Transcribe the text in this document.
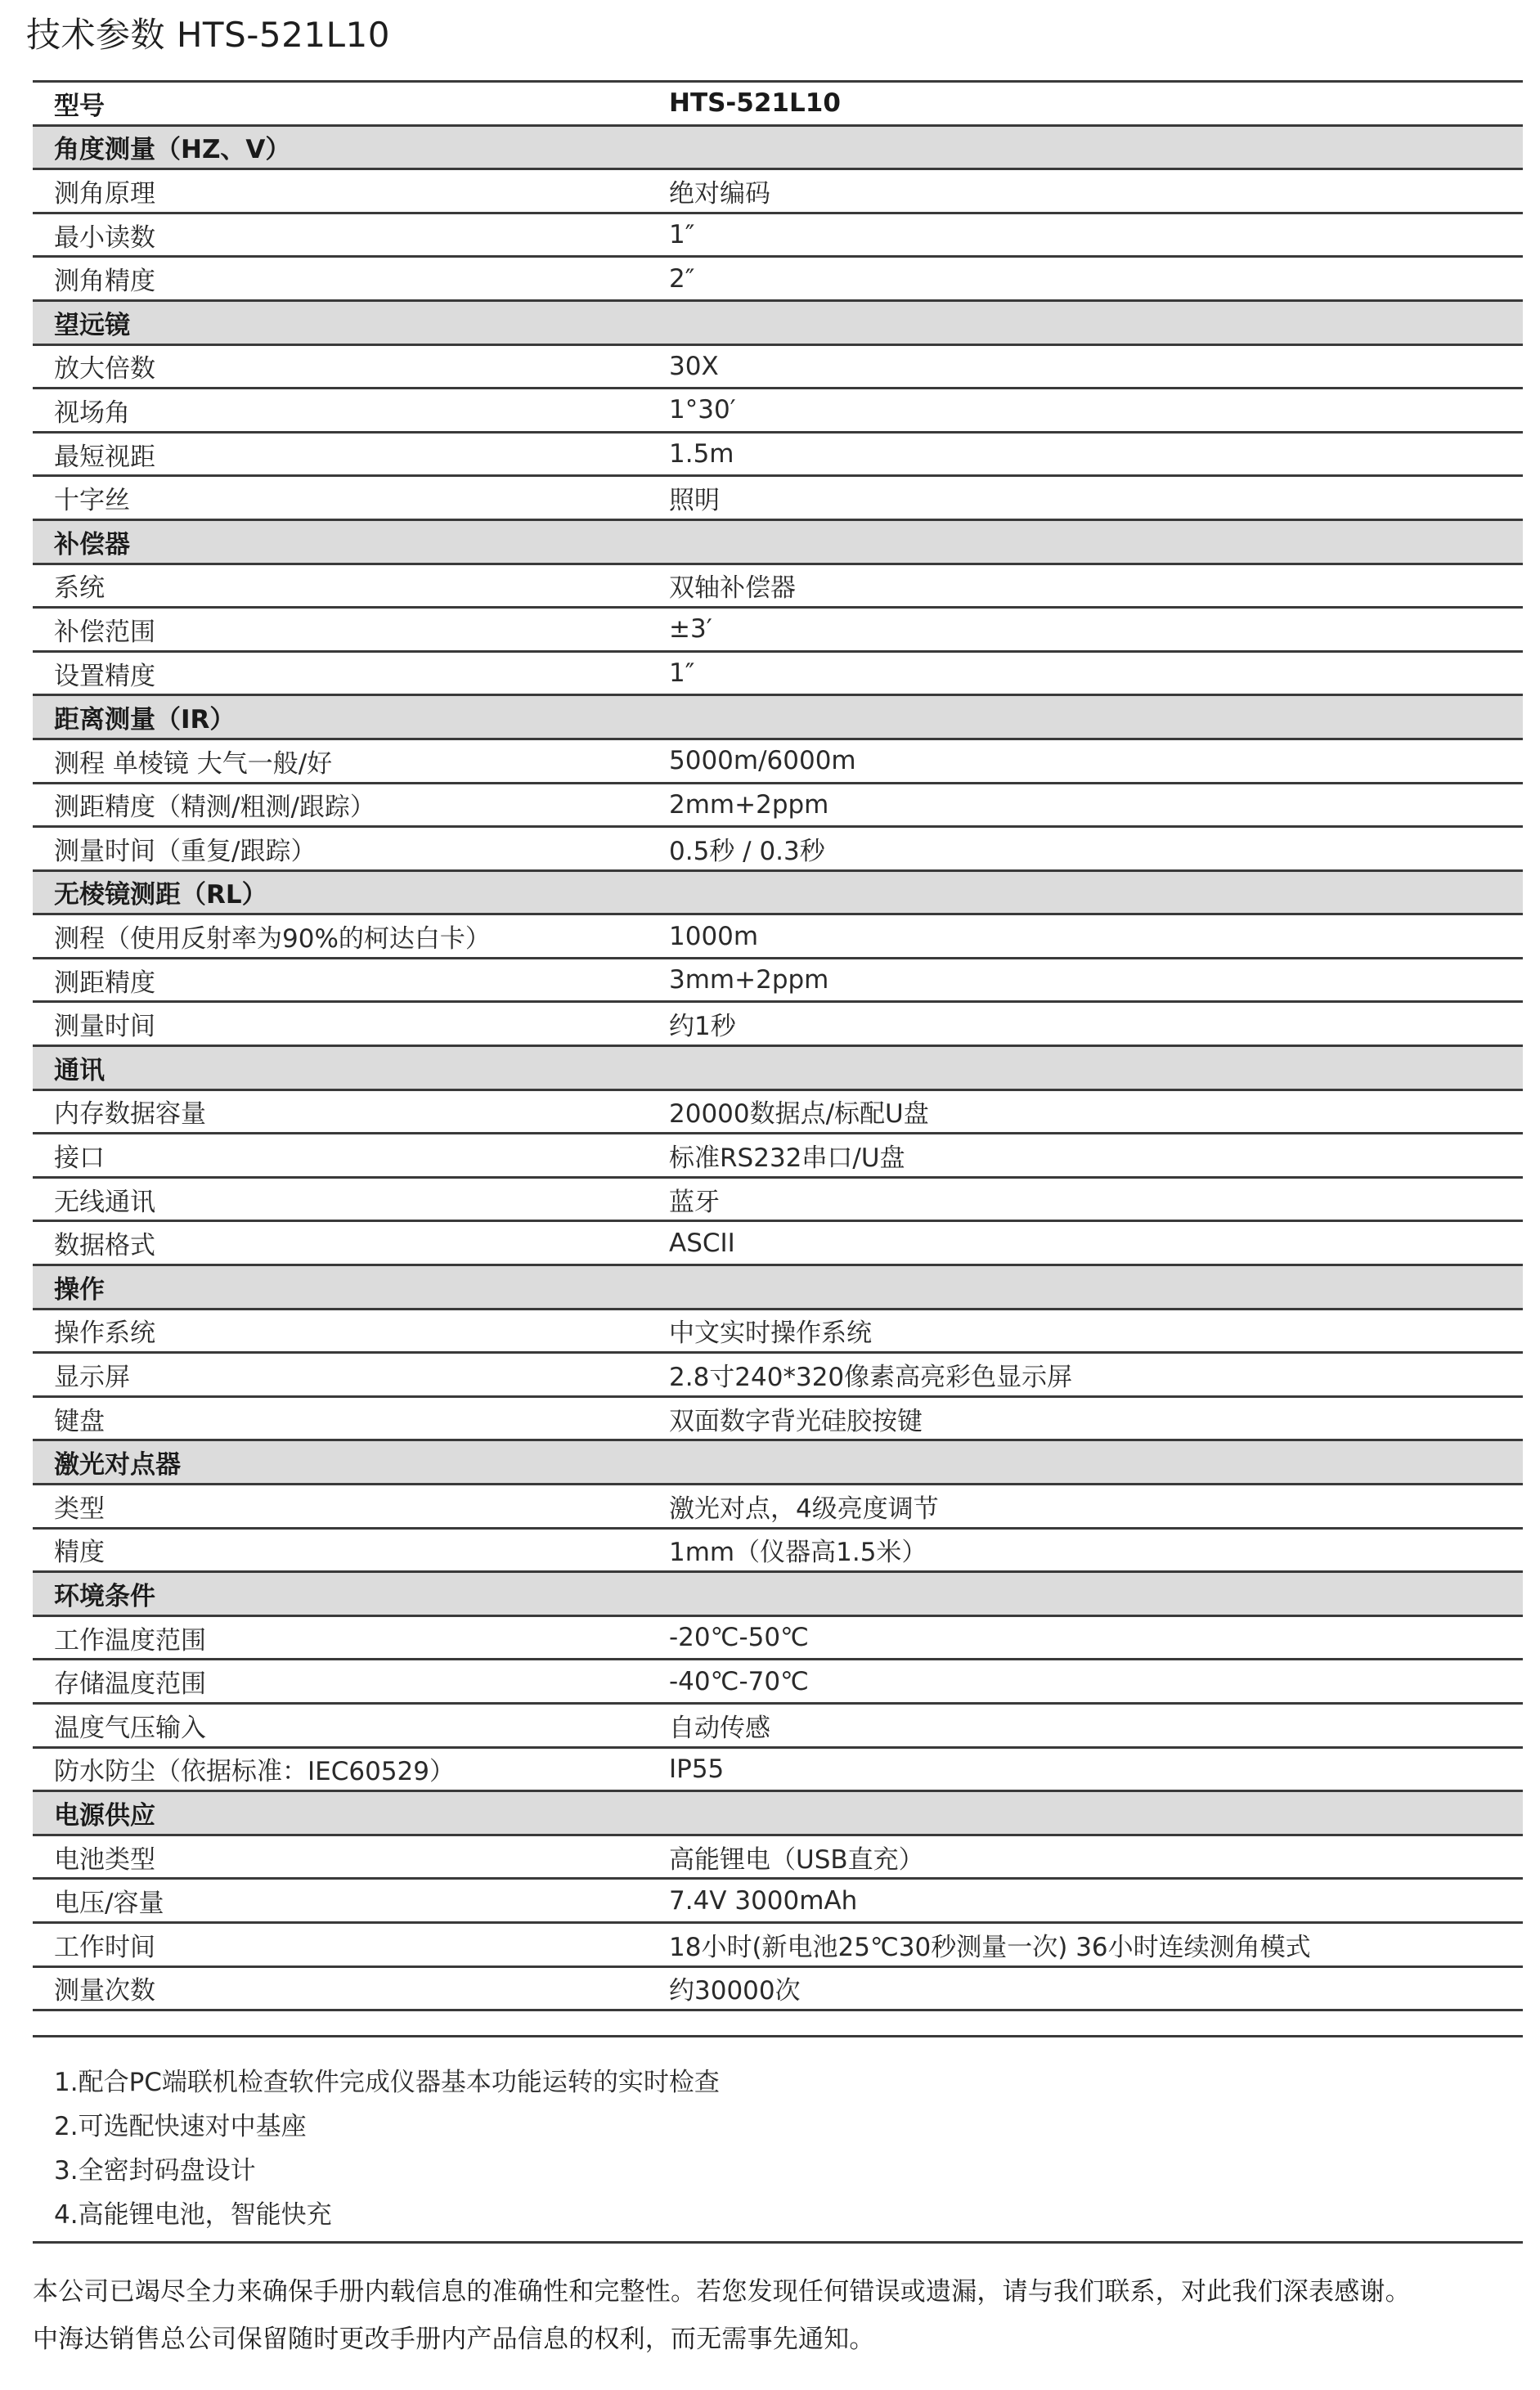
技术参数 HTS-521L10
型号	HTS-521L10
角度测量（HZ、V）
测角原理	绝对编码
最小读数	1″
测角精度	2″
望远镜
放大倍数	30X
视场角	1°30′
最短视距	1.5m
十字丝	照明
补偿器
系统	双轴补偿器
补偿范围	±3′
设置精度	1″
距离测量（IR）
测程 单棱镜 大气一般/好	5000m/6000m
测距精度（精测/粗测/跟踪）	2mm+2ppm
测量时间（重复/跟踪）	0.5秒 / 0.3秒
无棱镜测距（RL）
测程（使用反射率为90%的柯达白卡）	1000m
测距精度	3mm+2ppm
测量时间	约1秒
通讯
内存数据容量	20000数据点/标配U盘
接口	标准RS232串口/U盘
无线通讯	蓝牙
数据格式	ASCII
操作
操作系统	中文实时操作系统
显示屏	2.8寸240*320像素高亮彩色显示屏
键盘	双面数字背光硅胶按键
激光对点器
类型	激光对点，4级亮度调节
精度	1mm（仪器高1.5米）
环境条件
工作温度范围	-20℃-50℃
存储温度范围	-40℃-70℃
温度气压输入	自动传感
防水防尘（依据标准：IEC60529）	IP55
电源供应
电池类型	高能锂电（USB直充）
电压/容量	7.4V 3000mAh
工作时间	18小时(新电池25℃30秒测量一次) 36小时连续测角模式
测量次数	约30000次
1.配合PC端联机检查软件完成仪器基本功能运转的实时检查
2.可选配快速对中基座
3.全密封码盘设计
4.高能锂电池，智能快充
本公司已竭尽全力来确保手册内载信息的准确性和完整性。若您发现任何错误或遗漏，请与我们联系，对此我们深表感谢。
中海达销售总公司保留随时更改手册内产品信息的权利，而无需事先通知。
